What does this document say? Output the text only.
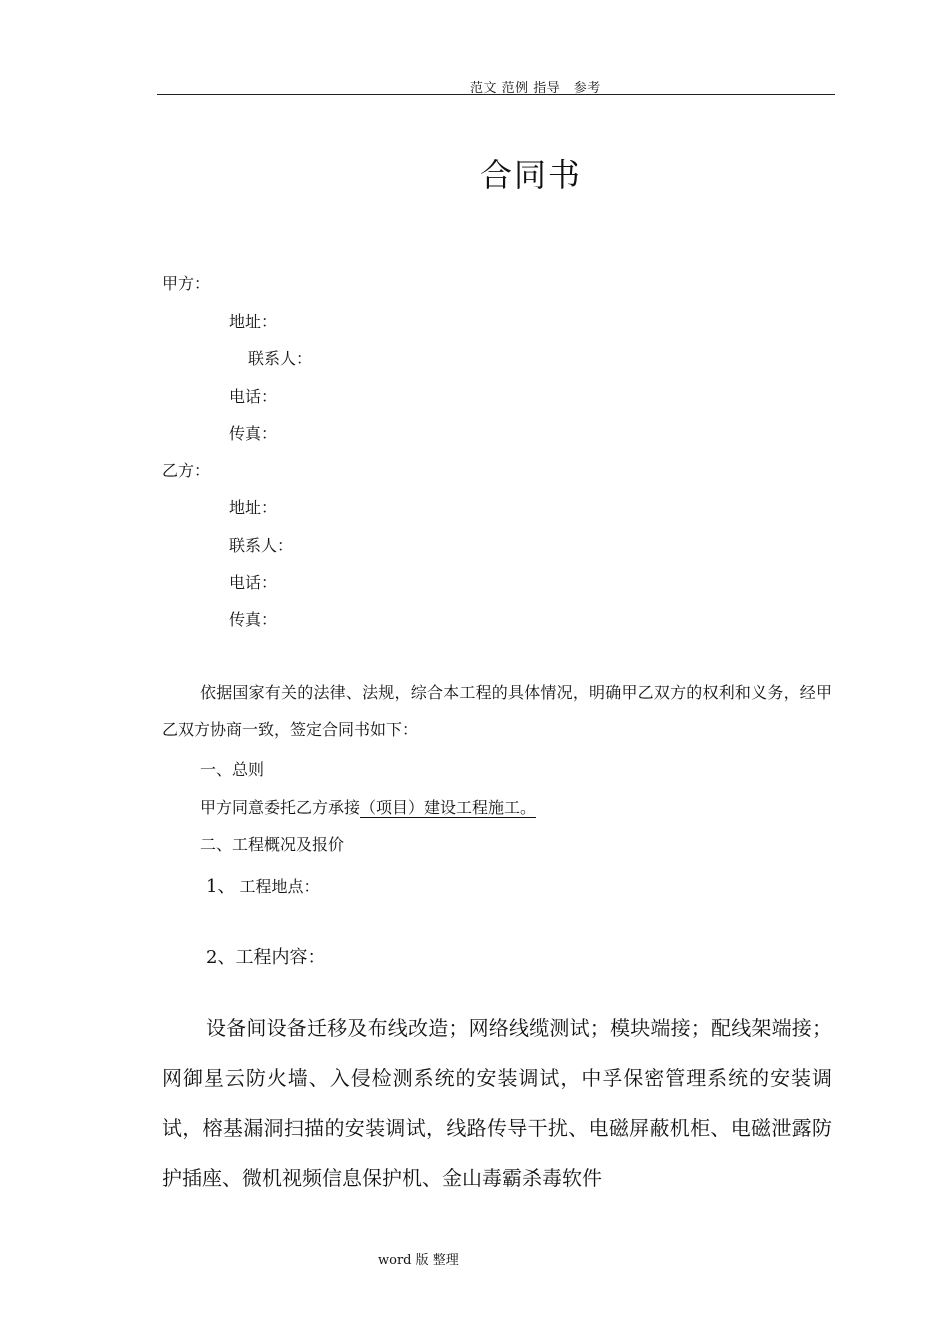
范文 范例 指导　参考
合同书
甲方：
地址：
联系人：
电话：
传真：
乙方：
地址：
联系人：
电话：
传真：
依据国家有关的法律、法规，综合本工程的具体情况，明确甲乙双方的权利和义务，经甲乙双方协商一致，签定合同书如下：
一、总则
甲方同意委托乙方承接（项目）建设工程施工。
二、工程概况及报价
1、 工程地点：
2、工程内容：
设备间设备迁移及布线改造；网络线缆测试；模块端接；配线架端接；网御星云防火墙、入侵检测系统的安装调试，中孚保密管理系统的安装调试，榕基漏洞扫描的安装调试，线路传导干扰、电磁屏蔽机柜、电磁泄露防护插座、微机视频信息保护机、金山毒霸杀毒软件
word 版 整理
